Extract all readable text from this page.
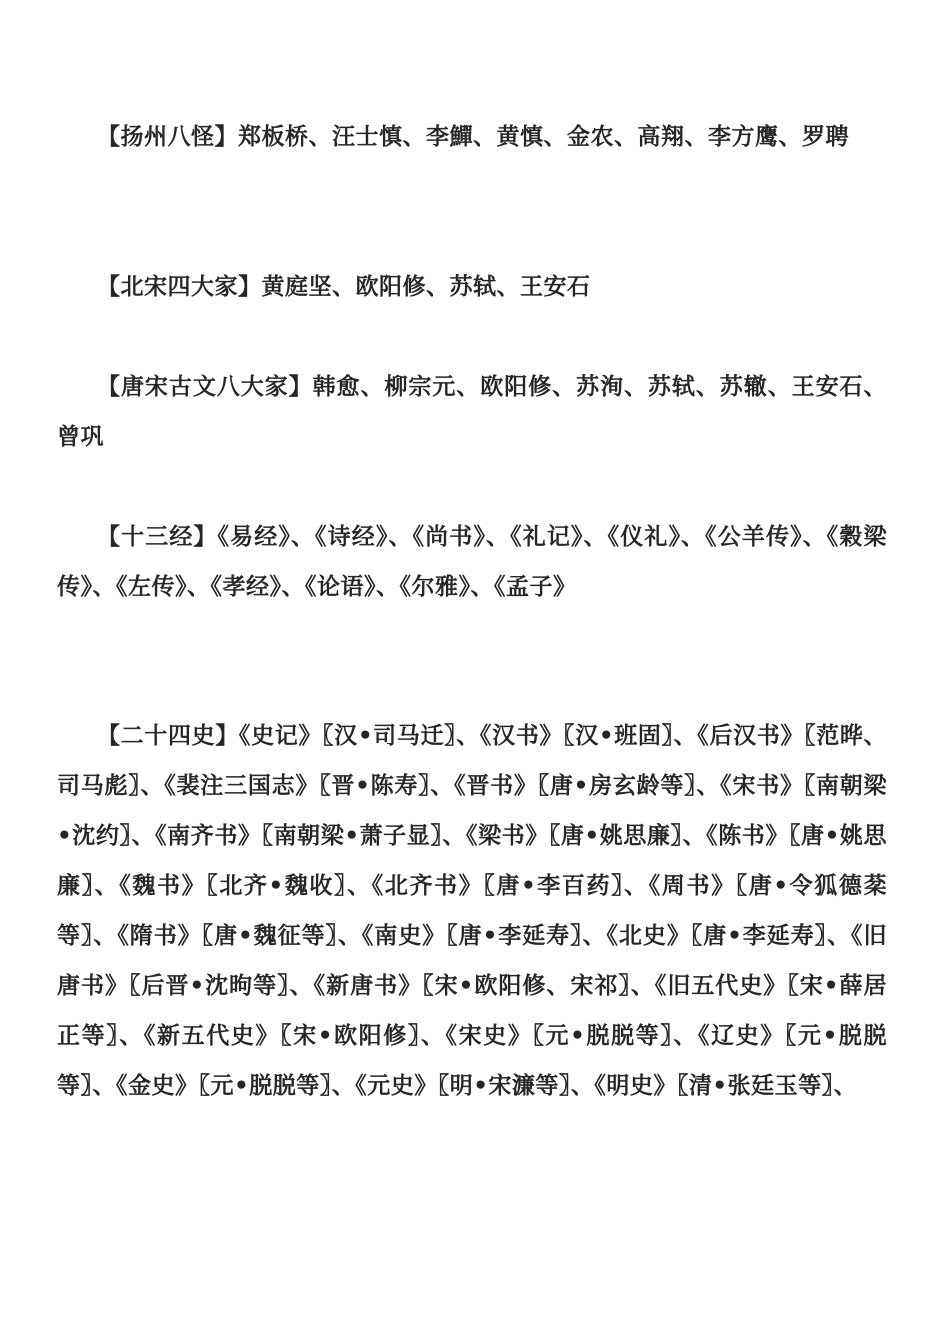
【扬州八怪】郑板桥、汪士慎、李鱓、黄慎、金农、高翔、李方鹰、罗聘

【北宋四大家】黄庭坚、欧阳修、苏轼、王安石

【唐宋古文八大家】韩愈、柳宗元、欧阳修、苏洵、苏轼、苏辙、王安石、曾巩

【十三经】《易经》、《诗经》、《尚书》、《礼记》、《仪礼》、《公羊传》、《穀梁传》、《左传》、《孝经》、《论语》、《尔雅》、《孟子》

【二十四史】《史记》〖汉•司马迁〗、《汉书》〖汉•班固〗、《后汉书》〖范晔、司马彪〗、《裴注三国志》〖晋•陈寿〗、《晋书》〖唐•房玄龄等〗、《宋书》〖南朝梁•沈约〗、《南齐书》〖南朝梁•萧子显〗、《梁书》〖唐•姚思廉〗、《陈书》〖唐•姚思廉〗、《魏书》〖北齐•魏收〗、《北齐书》〖唐•李百药〗、《周书》〖唐•令狐德棻等〗、《隋书》〖唐•魏征等〗、《南史》〖唐•李延寿〗、《北史》〖唐•李延寿〗、《旧唐书》〖后晋•沈昫等〗、《新唐书》〖宋•欧阳修、宋祁〗、《旧五代史》〖宋•薛居正等〗、《新五代史》〖宋•欧阳修〗、《宋史》〖元•脱脱等〗、《辽史》〖元•脱脱等〗、《金史》〖元•脱脱等〗、《元史》〖明•宋濂等〗、《明史》〖清•张廷玉等〗、
